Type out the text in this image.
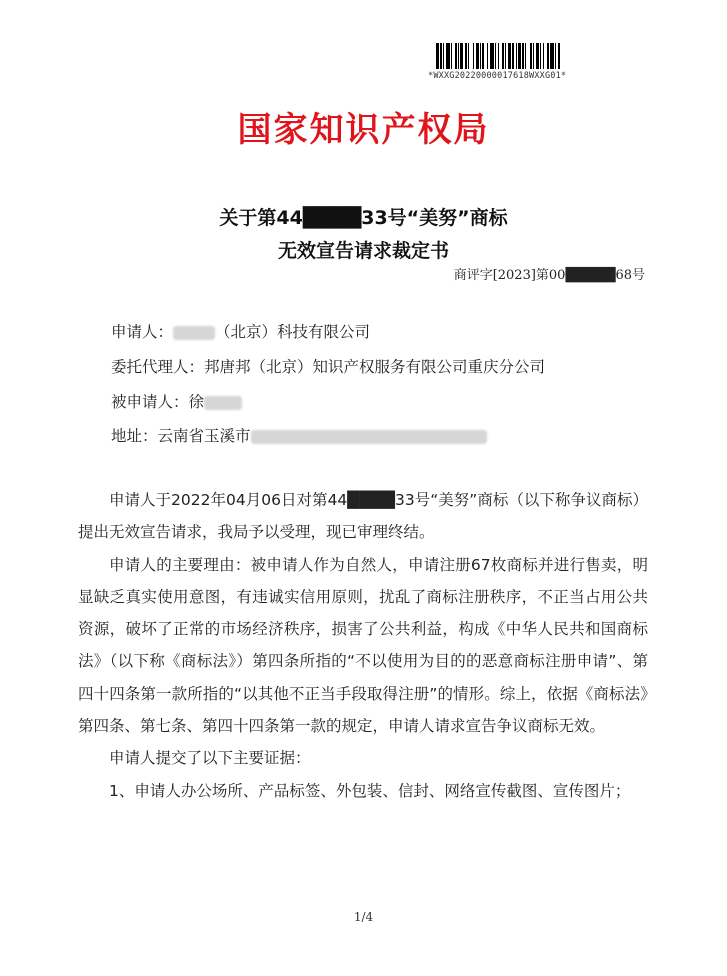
*WXXG20220000017618WXXG01*
国家知识产权局
关于第44████33号“美努”商标
无效宣告请求裁定书
商评字[2023]第00█████68号
申请人：	（北京）科技有限公司
委托代理人：邦唐邦（北京）知识产权服务有限公司重庆分公司
被申请人：徐
地址：云南省玉溪市

申请人于2022年04月06日对第44████33号“美努”商标（以下称争议商标）提出无效宣告请求，我局予以受理，现已审理终结。

申请人的主要理由：被申请人作为自然人，申请注册67枚商标并进行售卖，明显缺乏真实使用意图，有违诚实信用原则，扰乱了商标注册秩序，不正当占用公共资源，破坏了正常的市场经济秩序，损害了公共利益，构成《中华人民共和国商标法》（以下称《商标法》）第四条所指的“不以使用为目的的恶意商标注册申请”、第四十四条第一款所指的“以其他不正当手段取得注册”的情形。综上，依据《商标法》第四条、第七条、第四十四条第一款的规定，申请人请求宣告争议商标无效。

申请人提交了以下主要证据：

1、申请人办公场所、产品标签、外包装、信封、网络宣传截图、宣传图片；

1/4
